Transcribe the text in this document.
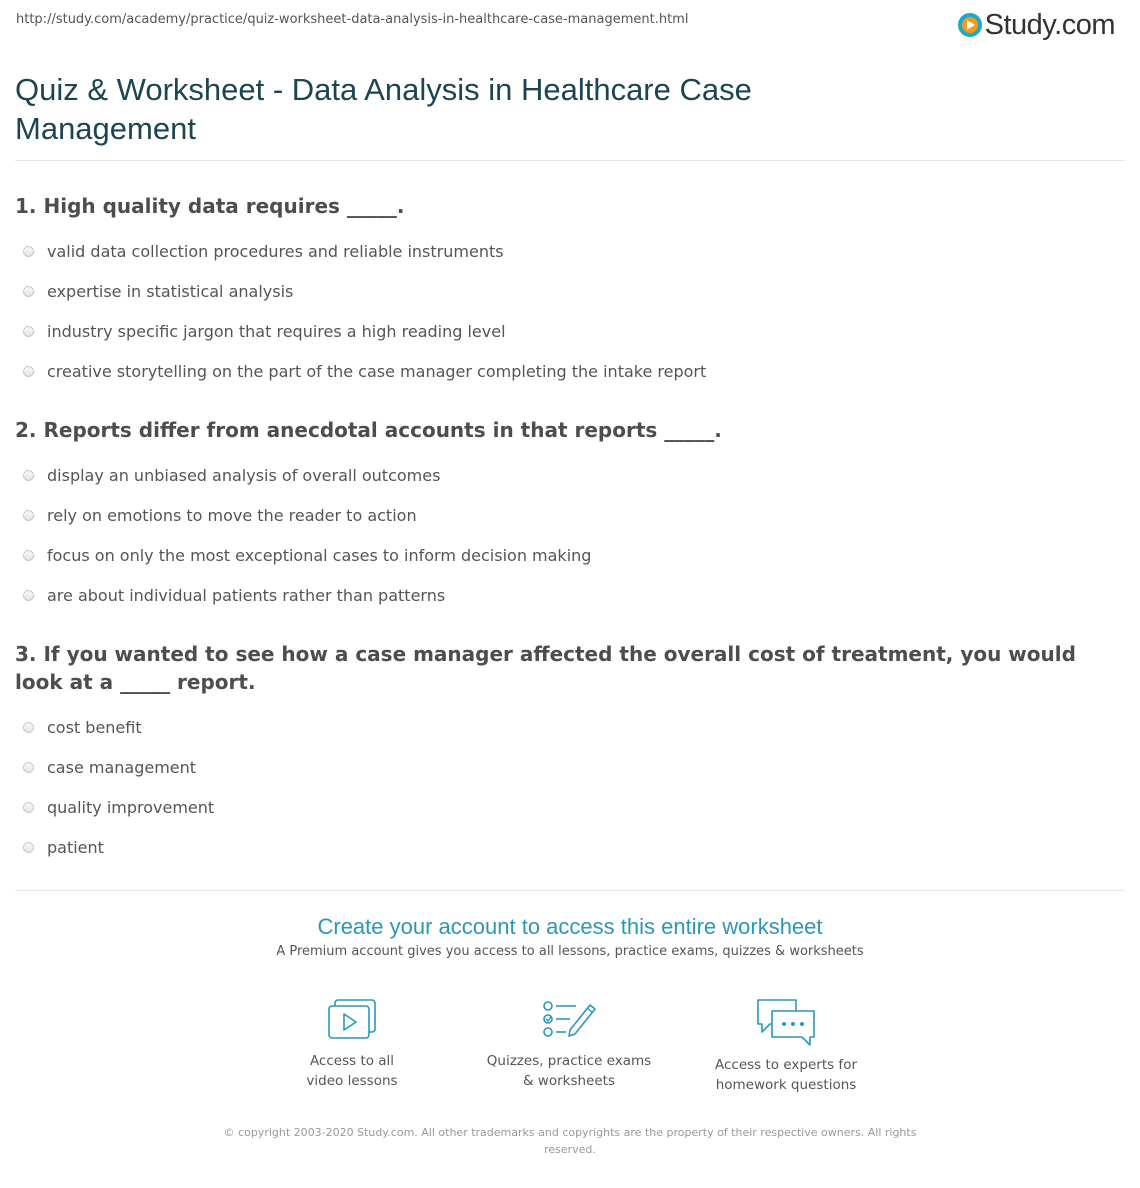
http://study.com/academy/practice/quiz-worksheet-data-analysis-in-healthcare-case-management.html	Study.com
Quiz & Worksheet - Data Analysis in Healthcare Case Management
1. High quality data requires _____.
valid data collection procedures and reliable instruments
expertise in statistical analysis
industry specific jargon that requires a high reading level
creative storytelling on the part of the case manager completing the intake report
2. Reports differ from anecdotal accounts in that reports _____.
display an unbiased analysis of overall outcomes
rely on emotions to move the reader to action
focus on only the most exceptional cases to inform decision making
are about individual patients rather than patterns
3. If you wanted to see how a case manager affected the overall cost of treatment, you would look at a _____ report.
cost benefit
case management
quality improvement
patient
Create your account to access this entire worksheet
A Premium account gives you access to all lessons, practice exams, quizzes & worksheets
Access to all
video lessons
Quizzes, practice exams
& worksheets
Access to experts for
homework questions
© copyright 2003-2020 Study.com. All other trademarks and copyrights are the property of their respective owners. All rights reserved.
